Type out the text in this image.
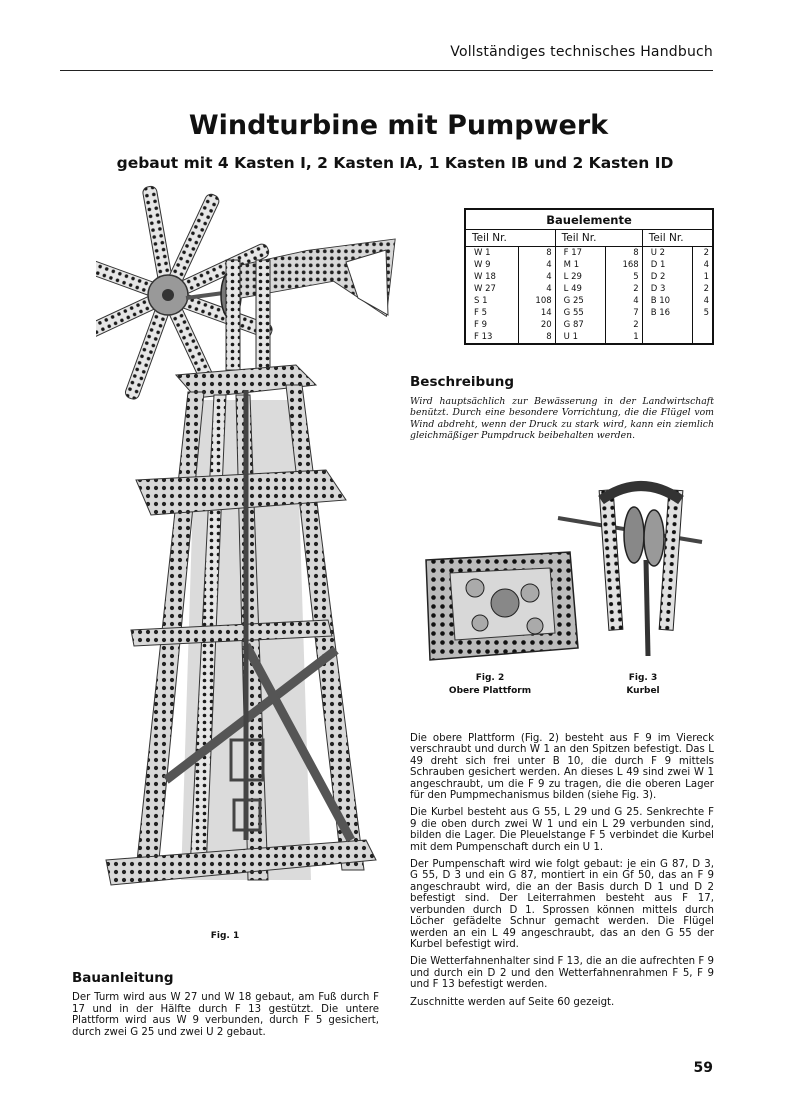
Vollständiges technisches Handbuch
Windturbine mit Pumpwerk
gebaut mit 4 Kasten I, 2 Kasten IA, 1 Kasten IB und 2 Kasten ID
Fig. 1
Bauelemente
Teil Nr.		Teil Nr.		Teil Nr.	
W 1	8	F 17	8	U 2	2
W 9	4	M 1	168	D 1	4
W 18	4	L 29	5	D 2	1
W 27	4	L 49	2	D 3	2
S 1	108	G 25	4	B 10	4
F 5	14	G 55	7	B 16	5
F 9	20	G 87	2		
F 13	8	U 1	1		
Beschreibung

Wird hauptsächlich zur Bewässerung in der Landwirtschaft benützt. Durch eine besondere Vorrichtung, die die Flügel vom Wind abdreht, wenn der Druck zu stark wird, kann ein ziemlich gleichmäßiger Pumpdruck beibehalten werden.

Fig. 2
Obere Plattform
Fig. 3
Kurbel

Die obere Plattform (Fig. 2) besteht aus F 9 im Viereck verschraubt und durch W 1 an den Spitzen befestigt. Das L 49 dreht sich frei unter B 10, die durch F 9 mittels Schrauben gesichert werden. An dieses L 49 sind zwei W 1 angeschraubt, um die F 9 zu tragen, die die oberen Lager für den Pumpmechanismus bilden (siehe Fig. 3).

Die Kurbel besteht aus G 55, L 29 und G 25. Senkrechte F 9 die oben durch zwei W 1 und ein L 29 verbunden sind, bilden die Lager. Die Pleuelstange F 5 verbindet die Kurbel mit dem Pumpenschaft durch ein U 1.

Der Pumpenschaft wird wie folgt gebaut: je ein G 87, D 3, G 55, D 3 und ein G 87, montiert in ein Gf 50, das an F 9 angeschraubt wird, die an der Basis durch D 1 und D 2 befestigt sind. Der Leiterrahmen besteht aus F 17, verbunden durch D 1. Sprossen können mittels durch Löcher gefädelte Schnur gemacht werden. Die Flügel werden an ein L 49 angeschraubt, das an den G 55 der Kurbel befestigt wird.

Die Wetterfahnenhalter sind F 13, die an die aufrechten F 9 und durch ein D 2 und den Wetterfahnenrahmen F 5, F 9 und F 13 befestigt werden.

Zuschnitte werden auf Seite 60 gezeigt.

Bauanleitung

Der Turm wird aus W 27 und W 18 gebaut, am Fuß durch F 17 und in der Hälfte durch F 13 gestützt. Die untere Plattform wird aus W 9 verbunden, durch F 5 gesichert, durch zwei G 25 und zwei U 2 gebaut.

59
